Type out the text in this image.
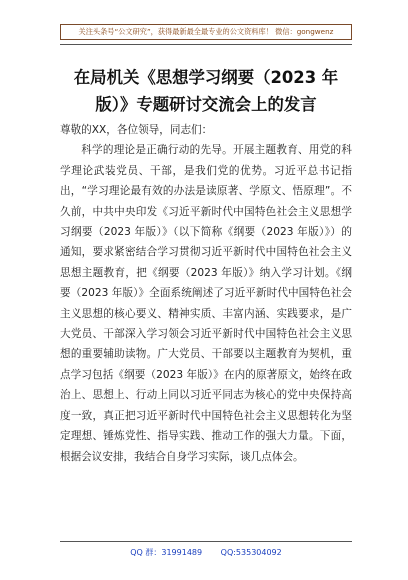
关注头条号“公文研究”，获得最新最全最专业的公文资料库！ 微信：gongwenz
在局机关《思想学习纲要（2023 年
版）》专题研讨交流会上的发言

尊敬的XX，各位领导，同志们：

科学的理论是正确行动的先导。开展主题教育、用党的科学理论武装党员、干部，是我们党的优势。习近平总书记指出，“学习理论最有效的办法是读原著、学原文、悟原理”。不久前，中共中央印发《习近平新时代中国特色社会主义思想学习纲要（2023 年版）》（以下简称《纲要（2023 年版）》）的通知，要求紧密结合学习贯彻习近平新时代中国特色社会主义思想主题教育，把《纲要（2023 年版）》纳入学习计划。《纲要（2023 年版）》全面系统阐述了习近平新时代中国特色社会主义思想的核心要义、精神实质、丰富内涵、实践要求，是广大党员、干部深入学习领会习近平新时代中国特色社会主义思想的重要辅助读物。广大党员、干部要以主题教育为契机，重点学习包括《纲要（2023 年版）》在内的原著原文，始终在政治上、思想上、行动上同以习近平同志为核心的党中央保持高度一致，真正把习近平新时代中国特色社会主义思想转化为坚定理想、锤炼党性、指导实践、推动工作的强大力量。下面，根据会议安排，我结合自身学习实际，谈几点体会。

QQ 群：31991489 QQ:535304092
